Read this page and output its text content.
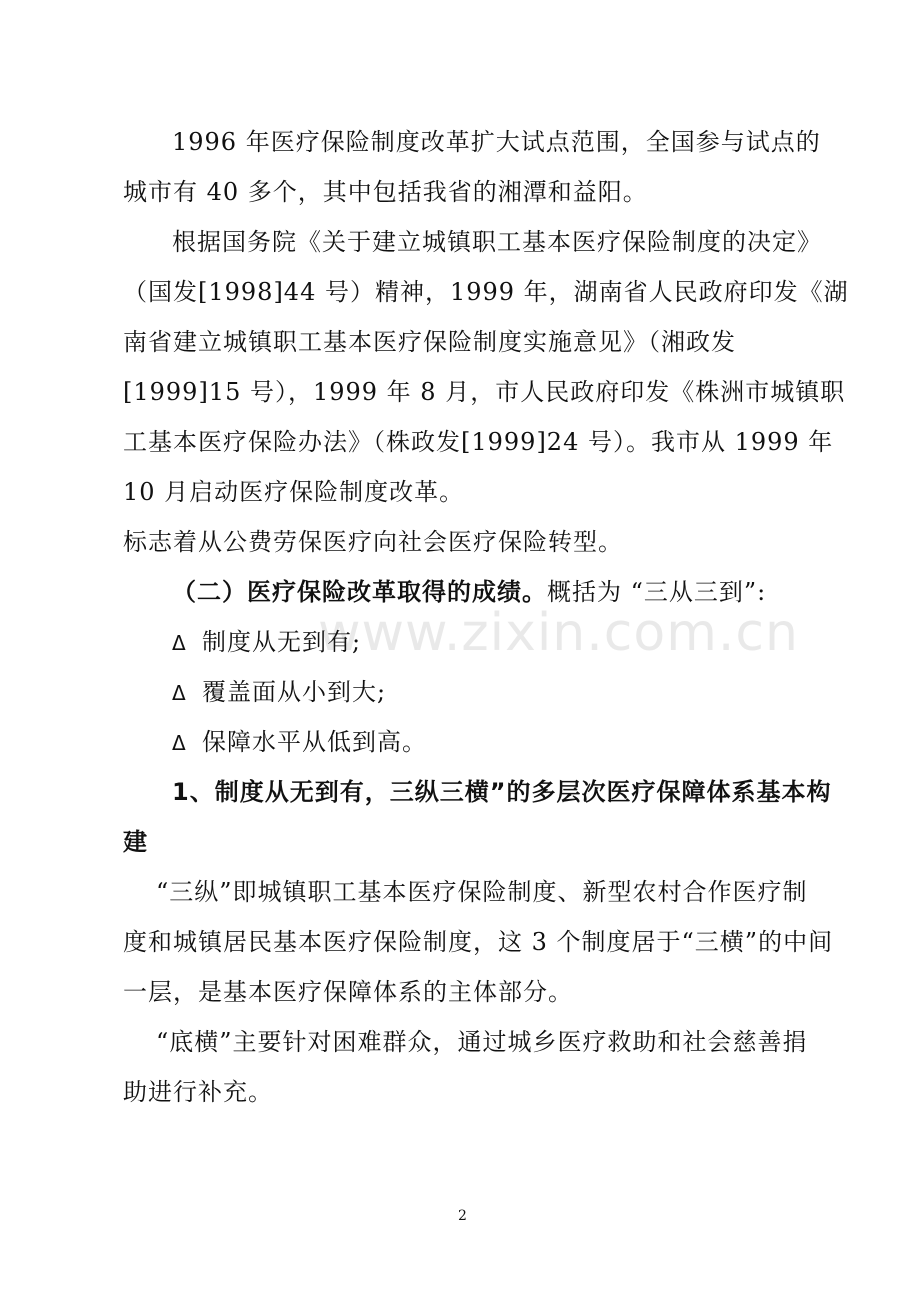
www.zixin.com.cn
1996 年医疗保险制度改革扩大试点范围，全国参与试点的
城市有 40 多个，其中包括我省的湘潭和益阳。
根据国务院《关于建立城镇职工基本医疗保险制度的决定》
（国发[1998]44 号）精神，1999 年，湖南省人民政府印发《湖
南省建立城镇职工基本医疗保险制度实施意见》（湘政发
[1999]15 号），1999 年 8 月，市人民政府印发《株洲市城镇职
工基本医疗保险办法》（株政发[1999]24 号）。我市从 1999 年
10 月启动医疗保险制度改革。
标志着从公费劳保医疗向社会医疗保险转型。
（二）医疗保险改革取得的成绩。概括为 “三从三到”:
Δ 制度从无到有;
Δ 覆盖面从小到大;
Δ 保障水平从低到高。
1、制度从无到有，三纵三横”的多层次医疗保障体系基本构
建
“三纵”即城镇职工基本医疗保险制度、新型农村合作医疗制
度和城镇居民基本医疗保险制度，这 3 个制度居于“三横”的中间
一层，是基本医疗保障体系的主体部分。
“底横”主要针对困难群众，通过城乡医疗救助和社会慈善捐
助进行补充。
2
